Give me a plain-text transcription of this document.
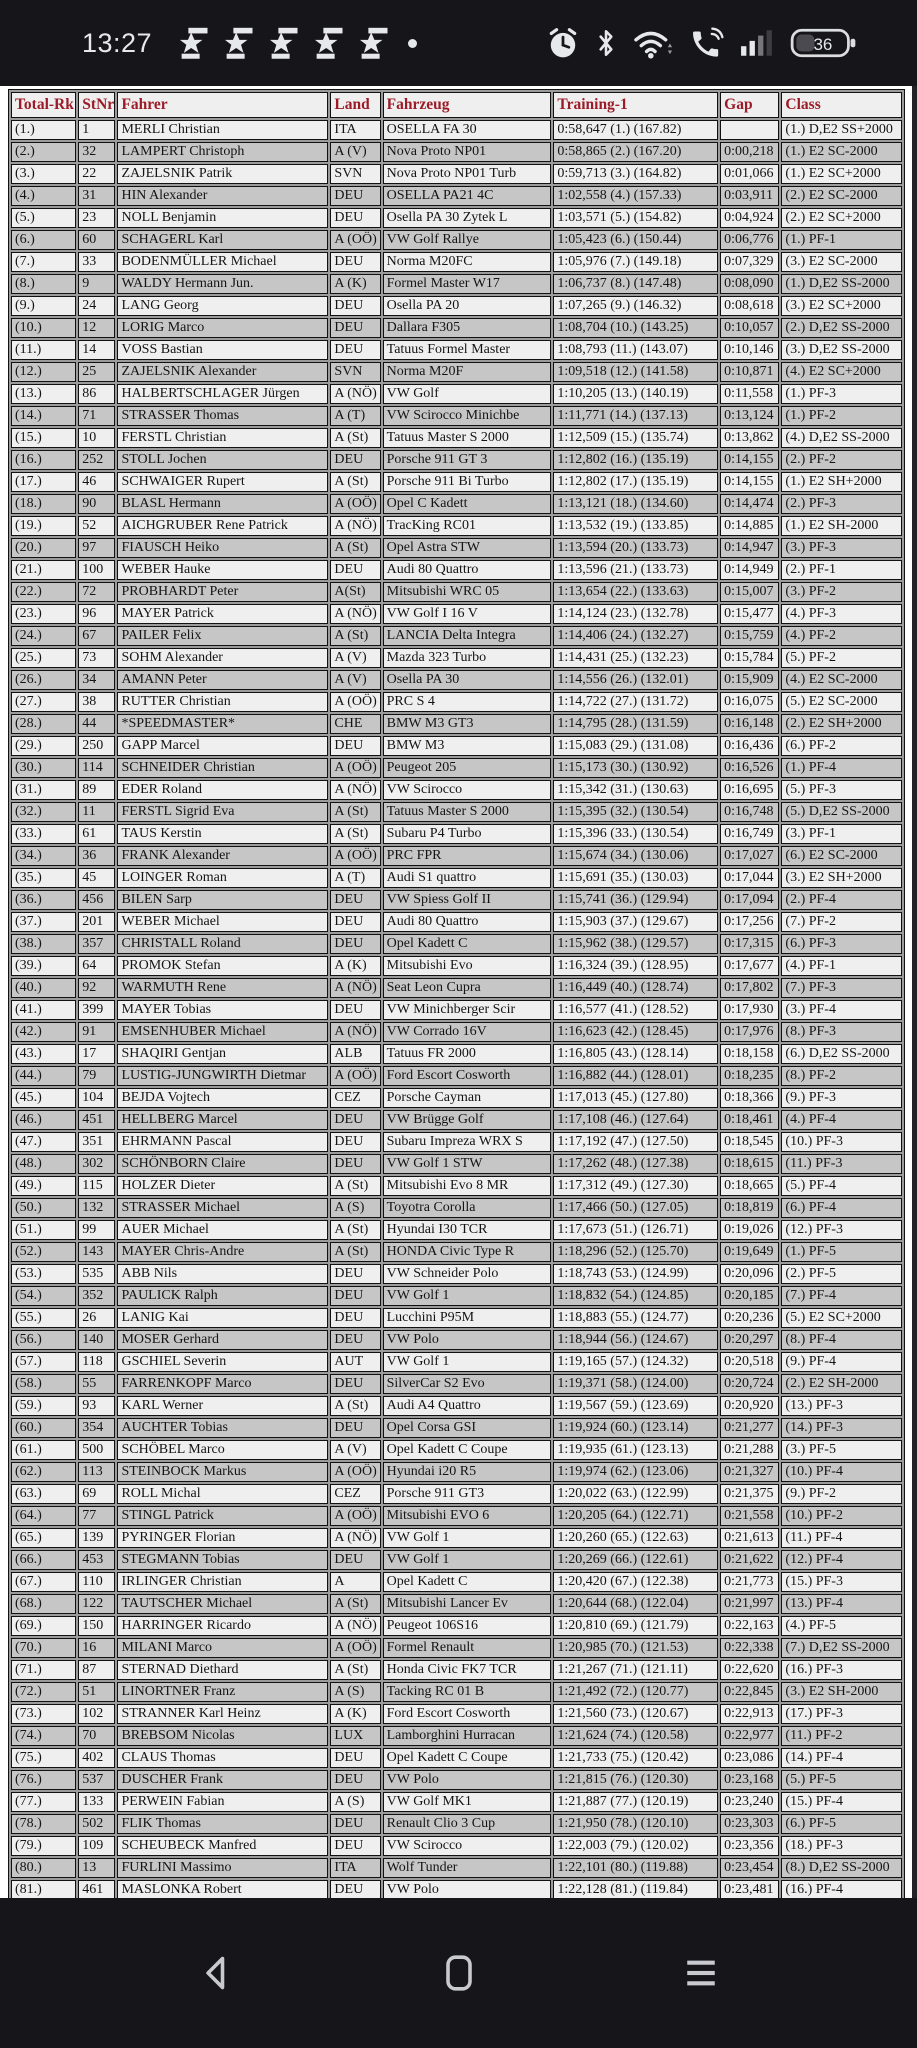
13:27	36
Total-Rk	StNr	Fahrer	Land	Fahrzeug	Training-1	Gap	Class
(1.)	1	MERLI Christian	ITA	OSELLA FA 30	0:58,647 (1.) (167.82)		(1.) D,E2 SS+2000
(2.)	32	LAMPERT Christoph	A (V)	Nova Proto NP01	0:58,865 (2.) (167.20)	0:00,218	(1.) E2 SC-2000
(3.)	22	ZAJELSNIK Patrik	SVN	Nova Proto NP01 Turb	0:59,713 (3.) (164.82)	0:01,066	(1.) E2 SC+2000
(4.)	31	HIN Alexander	DEU	OSELLA PA21 4C	1:02,558 (4.) (157.33)	0:03,911	(2.) E2 SC-2000
(5.)	23	NOLL Benjamin	DEU	Osella PA 30 Zytek L	1:03,571 (5.) (154.82)	0:04,924	(2.) E2 SC+2000
(6.)	60	SCHAGERL Karl	A (OÖ)	VW Golf Rallye	1:05,423 (6.) (150.44)	0:06,776	(1.) PF-1
(7.)	33	BODENMÜLLER Michael	DEU	Norma M20FC	1:05,976 (7.) (149.18)	0:07,329	(3.) E2 SC-2000
(8.)	9	WALDY Hermann Jun.	A (K)	Formel Master W17	1:06,737 (8.) (147.48)	0:08,090	(1.) D,E2 SS-2000
(9.)	24	LANG Georg	DEU	Osella PA 20	1:07,265 (9.) (146.32)	0:08,618	(3.) E2 SC+2000
(10.)	12	LORIG Marco	DEU	Dallara F305	1:08,704 (10.) (143.25)	0:10,057	(2.) D,E2 SS-2000
(11.)	14	VOSS Bastian	DEU	Tatuus Formel Master	1:08,793 (11.) (143.07)	0:10,146	(3.) D,E2 SS-2000
(12.)	25	ZAJELSNIK Alexander	SVN	Norma M20F	1:09,518 (12.) (141.58)	0:10,871	(4.) E2 SC+2000
(13.)	86	HALBERTSCHLAGER Jürgen	A (NÖ)	VW Golf	1:10,205 (13.) (140.19)	0:11,558	(1.) PF-3
(14.)	71	STRASSER Thomas	A (T)	VW Scirocco Minichbe	1:11,771 (14.) (137.13)	0:13,124	(1.) PF-2
(15.)	10	FERSTL Christian	A (St)	Tatuus Master S 2000	1:12,509 (15.) (135.74)	0:13,862	(4.) D,E2 SS-2000
(16.)	252	STOLL Jochen	DEU	Porsche 911 GT 3	1:12,802 (16.) (135.19)	0:14,155	(2.) PF-2
(17.)	46	SCHWAIGER Rupert	A (St)	Porsche 911 Bi Turbo	1:12,802 (17.) (135.19)	0:14,155	(1.) E2 SH+2000
(18.)	90	BLASL Hermann	A (OÖ)	Opel C Kadett	1:13,121 (18.) (134.60)	0:14,474	(2.) PF-3
(19.)	52	AICHGRUBER Rene Patrick	A (NÖ)	TracKing RC01	1:13,532 (19.) (133.85)	0:14,885	(1.) E2 SH-2000
(20.)	97	FIAUSCH Heiko	A (St)	Opel Astra STW	1:13,594 (20.) (133.73)	0:14,947	(3.) PF-3
(21.)	100	WEBER Hauke	DEU	Audi 80 Quattro	1:13,596 (21.) (133.73)	0:14,949	(2.) PF-1
(22.)	72	PROBHARDT Peter	A(St)	Mitsubishi WRC 05	1:13,654 (22.) (133.63)	0:15,007	(3.) PF-2
(23.)	96	MAYER Patrick	A (NÖ)	VW Golf I 16 V	1:14,124 (23.) (132.78)	0:15,477	(4.) PF-3
(24.)	67	PAILER Felix	A (St)	LANCIA Delta Integra	1:14,406 (24.) (132.27)	0:15,759	(4.) PF-2
(25.)	73	SOHM Alexander	A (V)	Mazda 323 Turbo	1:14,431 (25.) (132.23)	0:15,784	(5.) PF-2
(26.)	34	AMANN Peter	A (V)	Osella PA 30	1:14,556 (26.) (132.01)	0:15,909	(4.) E2 SC-2000
(27.)	38	RUTTER Christian	A (OÖ)	PRC S 4	1:14,722 (27.) (131.72)	0:16,075	(5.) E2 SC-2000
(28.)	44	*SPEEDMASTER*	CHE	BMW M3 GT3	1:14,795 (28.) (131.59)	0:16,148	(2.) E2 SH+2000
(29.)	250	GAPP Marcel	DEU	BMW M3	1:15,083 (29.) (131.08)	0:16,436	(6.) PF-2
(30.)	114	SCHNEIDER Christian	A (OÖ)	Peugeot 205	1:15,173 (30.) (130.92)	0:16,526	(1.) PF-4
(31.)	89	EDER Roland	A (NÖ)	VW Scirocco	1:15,342 (31.) (130.63)	0:16,695	(5.) PF-3
(32.)	11	FERSTL Sigrid Eva	A (St)	Tatuus Master S 2000	1:15,395 (32.) (130.54)	0:16,748	(5.) D,E2 SS-2000
(33.)	61	TAUS Kerstin	A (St)	Subaru P4 Turbo	1:15,396 (33.) (130.54)	0:16,749	(3.) PF-1
(34.)	36	FRANK Alexander	A (OÖ)	PRC FPR	1:15,674 (34.) (130.06)	0:17,027	(6.) E2 SC-2000
(35.)	45	LOINGER Roman	A (T)	Audi S1 quattro	1:15,691 (35.) (130.03)	0:17,044	(3.) E2 SH+2000
(36.)	456	BILEN Sarp	DEU	VW Spiess Golf II	1:15,741 (36.) (129.94)	0:17,094	(2.) PF-4
(37.)	201	WEBER Michael	DEU	Audi 80 Quattro	1:15,903 (37.) (129.67)	0:17,256	(7.) PF-2
(38.)	357	CHRISTALL Roland	DEU	Opel Kadett C	1:15,962 (38.) (129.57)	0:17,315	(6.) PF-3
(39.)	64	PROMOK Stefan	A (K)	Mitsubishi Evo	1:16,324 (39.) (128.95)	0:17,677	(4.) PF-1
(40.)	92	WARMUTH Rene	A (NÖ)	Seat Leon Cupra	1:16,449 (40.) (128.74)	0:17,802	(7.) PF-3
(41.)	399	MAYER Tobias	DEU	VW Minichberger Scir	1:16,577 (41.) (128.52)	0:17,930	(3.) PF-4
(42.)	91	EMSENHUBER Michael	A (NÖ)	VW Corrado 16V	1:16,623 (42.) (128.45)	0:17,976	(8.) PF-3
(43.)	17	SHAQIRI Gentjan	ALB	Tatuus FR 2000	1:16,805 (43.) (128.14)	0:18,158	(6.) D,E2 SS-2000
(44.)	79	LUSTIG-JUNGWIRTH Dietmar	A (OÖ)	Ford Escort Cosworth	1:16,882 (44.) (128.01)	0:18,235	(8.) PF-2
(45.)	104	BEJDA Vojtech	CEZ	Porsche Cayman	1:17,013 (45.) (127.80)	0:18,366	(9.) PF-3
(46.)	451	HELLBERG Marcel	DEU	VW Brügge Golf	1:17,108 (46.) (127.64)	0:18,461	(4.) PF-4
(47.)	351	EHRMANN Pascal	DEU	Subaru Impreza WRX S	1:17,192 (47.) (127.50)	0:18,545	(10.) PF-3
(48.)	302	SCHÖNBORN Claire	DEU	VW Golf 1 STW	1:17,262 (48.) (127.38)	0:18,615	(11.) PF-3
(49.)	115	HOLZER Dieter	A (St)	Mitsubishi Evo 8 MR	1:17,312 (49.) (127.30)	0:18,665	(5.) PF-4
(50.)	132	STRASSER Michael	A (S)	Toyotra Corolla	1:17,466 (50.) (127.05)	0:18,819	(6.) PF-4
(51.)	99	AUER Michael	A (St)	Hyundai I30 TCR	1:17,673 (51.) (126.71)	0:19,026	(12.) PF-3
(52.)	143	MAYER Chris-Andre	A (St)	HONDA Civic Type R	1:18,296 (52.) (125.70)	0:19,649	(1.) PF-5
(53.)	535	ABB Nils	DEU	VW Schneider Polo	1:18,743 (53.) (124.99)	0:20,096	(2.) PF-5
(54.)	352	PAULICK Ralph	DEU	VW Golf 1	1:18,832 (54.) (124.85)	0:20,185	(7.) PF-4
(55.)	26	LANIG Kai	DEU	Lucchini P95M	1:18,883 (55.) (124.77)	0:20,236	(5.) E2 SC+2000
(56.)	140	MOSER Gerhard	DEU	VW Polo	1:18,944 (56.) (124.67)	0:20,297	(8.) PF-4
(57.)	118	GSCHIEL Severin	AUT	VW Golf 1	1:19,165 (57.) (124.32)	0:20,518	(9.) PF-4
(58.)	55	FARRENKOPF Marco	DEU	SilverCar S2 Evo	1:19,371 (58.) (124.00)	0:20,724	(2.) E2 SH-2000
(59.)	93	KARL Werner	A (St)	Audi A4 Quattro	1:19,567 (59.) (123.69)	0:20,920	(13.) PF-3
(60.)	354	AUCHTER Tobias	DEU	Opel Corsa GSI	1:19,924 (60.) (123.14)	0:21,277	(14.) PF-3
(61.)	500	SCHÖBEL Marco	A (V)	Opel Kadett C Coupe	1:19,935 (61.) (123.13)	0:21,288	(3.) PF-5
(62.)	113	STEINBOCK Markus	A (OÖ)	Hyundai i20 R5	1:19,974 (62.) (123.06)	0:21,327	(10.) PF-4
(63.)	69	ROLL Michal	CEZ	Porsche 911 GT3	1:20,022 (63.) (122.99)	0:21,375	(9.) PF-2
(64.)	77	STINGL Patrick	A (OÖ)	Mitsubishi EVO 6	1:20,205 (64.) (122.71)	0:21,558	(10.) PF-2
(65.)	139	PYRINGER Florian	A (NÖ)	VW Golf 1	1:20,260 (65.) (122.63)	0:21,613	(11.) PF-4
(66.)	453	STEGMANN Tobias	DEU	VW Golf 1	1:20,269 (66.) (122.61)	0:21,622	(12.) PF-4
(67.)	110	IRLINGER Christian	A	Opel Kadett C	1:20,420 (67.) (122.38)	0:21,773	(15.) PF-3
(68.)	122	TAUTSCHER Michael	A (St)	Mitsubishi Lancer Ev	1:20,644 (68.) (122.04)	0:21,997	(13.) PF-4
(69.)	150	HARRINGER Ricardo	A (NÖ)	Peugeot 106S16	1:20,810 (69.) (121.79)	0:22,163	(4.) PF-5
(70.)	16	MILANI Marco	A (OÖ)	Formel Renault	1:20,985 (70.) (121.53)	0:22,338	(7.) D,E2 SS-2000
(71.)	87	STERNAD Diethard	A (St)	Honda Civic FK7 TCR	1:21,267 (71.) (121.11)	0:22,620	(16.) PF-3
(72.)	51	LINORTNER Franz	A (S)	Tacking RC 01 B	1:21,492 (72.) (120.77)	0:22,845	(3.) E2 SH-2000
(73.)	102	STRANNER Karl Heinz	A (K)	Ford Escort Cosworth	1:21,560 (73.) (120.67)	0:22,913	(17.) PF-3
(74.)	70	BREBSOM Nicolas	LUX	Lamborghini Hurracan	1:21,624 (74.) (120.58)	0:22,977	(11.) PF-2
(75.)	402	CLAUS Thomas	DEU	Opel Kadett C Coupe	1:21,733 (75.) (120.42)	0:23,086	(14.) PF-4
(76.)	537	DUSCHER Frank	DEU	VW Polo	1:21,815 (76.) (120.30)	0:23,168	(5.) PF-5
(77.)	133	PERWEIN Fabian	A (S)	VW Golf MK1	1:21,887 (77.) (120.19)	0:23,240	(15.) PF-4
(78.)	502	FLIK Thomas	DEU	Renault Clio 3 Cup	1:21,950 (78.) (120.10)	0:23,303	(6.) PF-5
(79.)	109	SCHEUBECK Manfred	DEU	VW Scirocco	1:22,003 (79.) (120.02)	0:23,356	(18.) PF-3
(80.)	13	FURLINI Massimo	ITA	Wolf Tunder	1:22,101 (80.) (119.88)	0:23,454	(8.) D,E2 SS-2000
(81.)	461	MASLONKA Robert	DEU	VW Polo	1:22,128 (81.) (119.84)	0:23,481	(16.) PF-4
